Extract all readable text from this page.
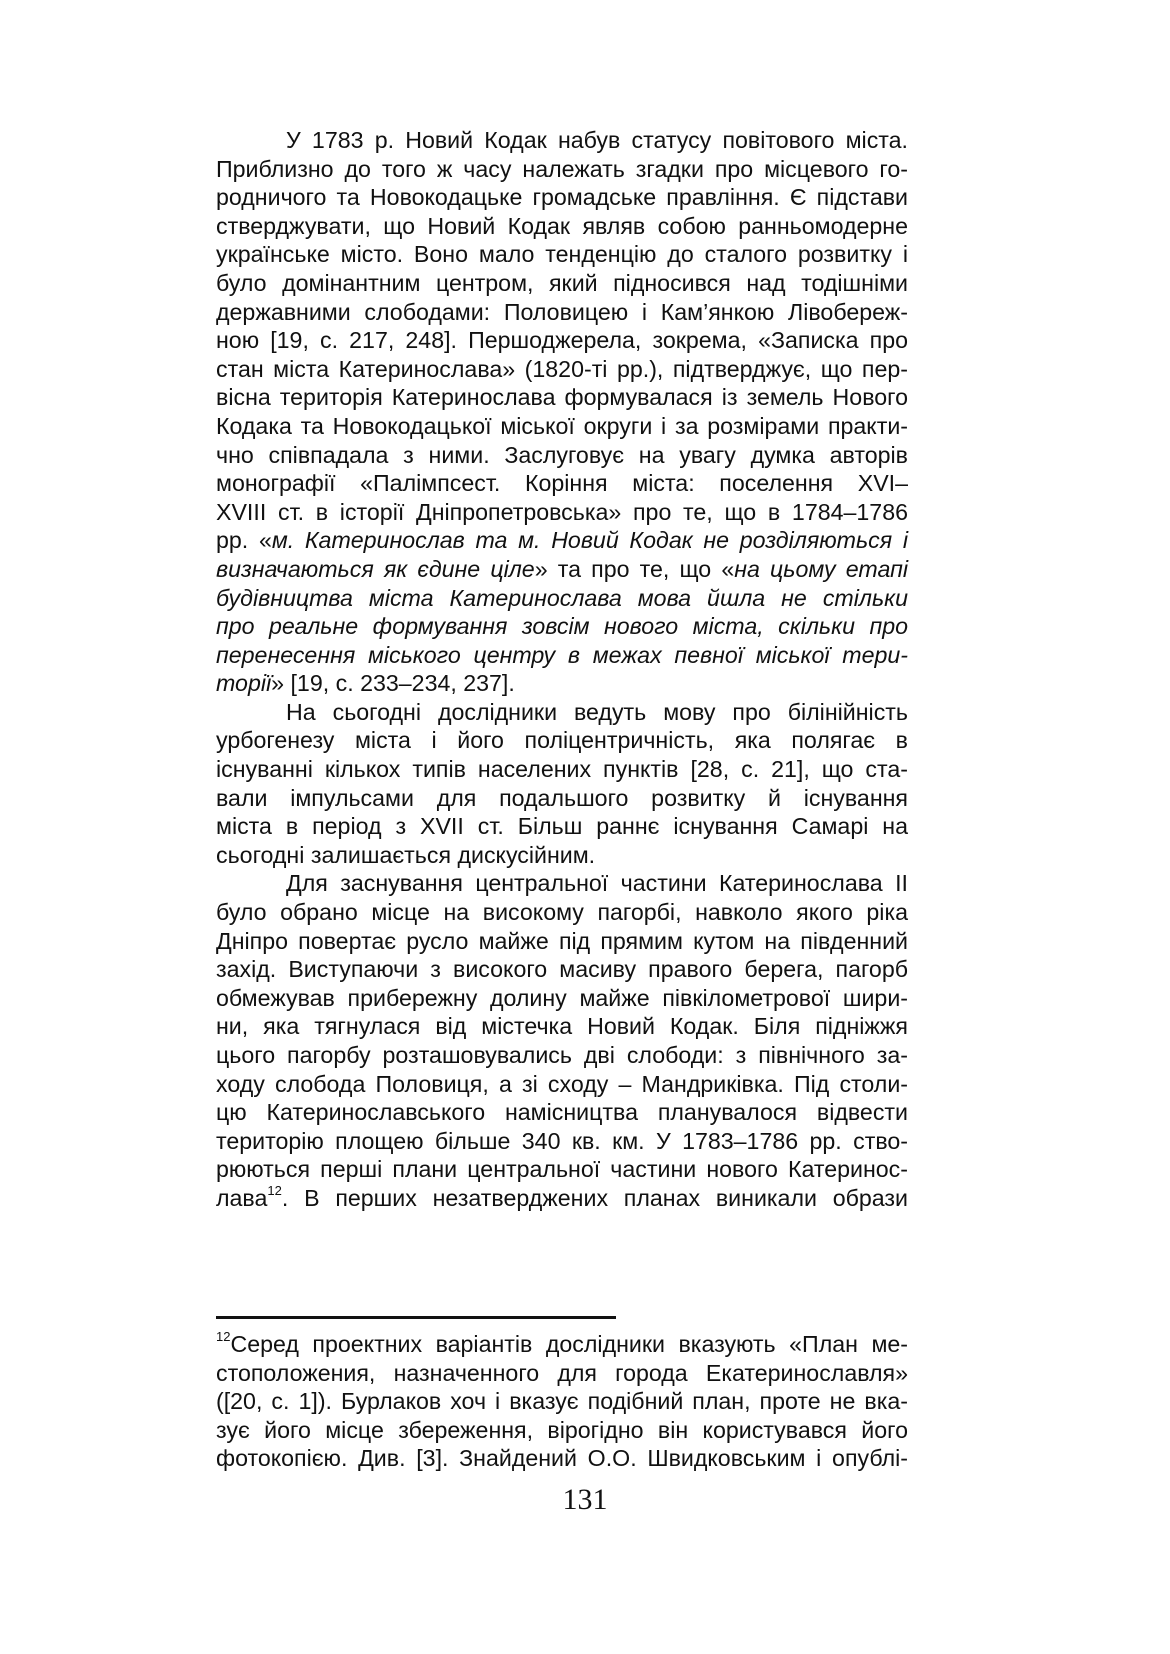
У 1783 р. Новий Кодак набув статусу повітового міста.
Приблизно до того ж часу належать згадки про місцевого го-
родничого та Новокодацьке громадське правління. Є підстави
стверджувати, що Новий Кодак являв собою ранньомодерне
українське місто. Воно мало тенденцію до сталого розвитку і
було домінантним центром, який підносився над тодішніми
державними слободами: Половицею і Кам’янкою Лівобереж-
ною [19, с. 217, 248]. Першоджерела, зокрема, «Записка про
стан міста Катеринослава» (1820-ті рр.), підтверджує, що пер-
вісна територія Катеринослава формувалася із земель Нового
Кодака та Новокодацької міської округи і за розмірами практи-
чно співпадала з ними. Заслуговує на увагу думка авторів
монографії «Палімпсест. Коріння міста: поселення XVI–
XVIII ст. в історії Дніпропетровська» про те, що в 1784–1786
рр. «м. Катеринослав та м. Новий Кодак не розділяються і
визначаються як єдине ціле» та про те, що «на цьому етапі
будівництва міста Катеринослава мова йшла не стільки
про реальне формування зовсім нового міста, скільки про
перенесення міського центру в межах певної міської тери-
торії» [19, с. 233–234, 237].
На сьогодні дослідники ведуть мову про білінійність
урбогенезу міста і його поліцентричність, яка полягає в
існуванні кількох типів населених пунктів [28, с. 21], що ста-
вали імпульсами для подальшого розвитку й існування
міста в період з XVII ст. Більш раннє існування Самарі на
сьогодні залишається дискусійним.
Для заснування центральної частини Катеринослава ІІ
було обрано місце на високому пагорбі, навколо якого ріка
Дніпро повертає русло майже під прямим кутом на південний
захід. Виступаючи з високого масиву правого берега, пагорб
обмежував прибережну долину майже півкілометрової шири-
ни, яка тягнулася від містечка Новий Кодак. Біля підніжжя
цього пагорбу розташовувались дві слободи: з північного за-
ходу слобода Половиця, а зі сходу – Мандриківка. Під столи-
цю Катеринославського намісництва планувалося відвести
територію площею більше 340 кв. км. У 1783–1786 рр. ство-
рюються перші плани центральної частини нового Катеринос-
лава$^{12}$. В перших незатверджених планах виникали образи
$^{12}$Серед проектних варіантів дослідники вказують «План ме-
стоположения, назначенного для города Екатеринославля»
([20, с. 1]). Бурлаков хоч і вказує подібний план, проте не вка-
зує його місце збереження, вірогідно він користувався його
фотокопією. Див. [3]. Знайдений О.О. Швидковським і опублі-
131
